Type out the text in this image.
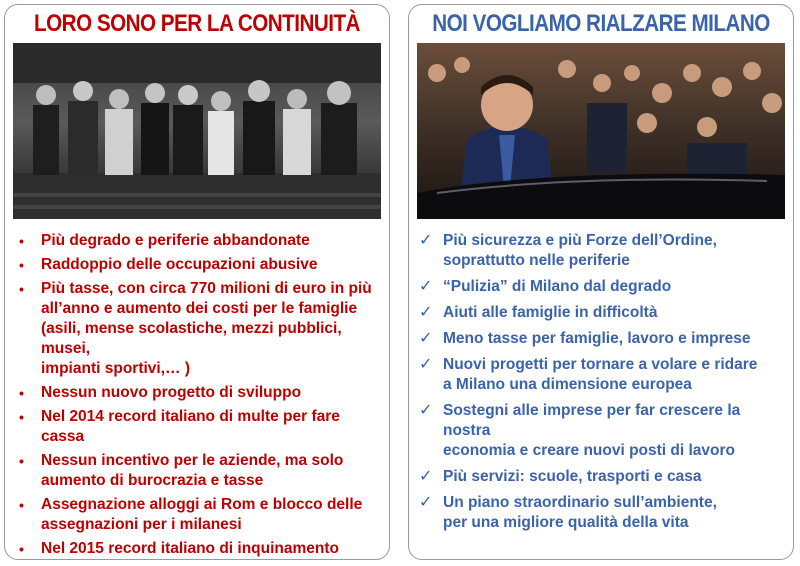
LORO SONO PER LA CONTINUITÀ
• Più degrado e periferie abbandonate
• Raddoppio delle occupazioni abusive
• Più tasse, con circa 770 milioni di euro in più
all’anno e aumento dei costi per le famiglie
(asili, mense scolastiche, mezzi pubblici, musei,
impianti sportivi,… )
• Nessun nuovo progetto di sviluppo
• Nel 2014 record italiano di multe per fare cassa
• Nessun incentivo per le aziende, ma solo
aumento di burocrazia e tasse
• Assegnazione alloggi ai Rom e blocco delle
assegnazioni per i milanesi
• Nel 2015 record italiano di inquinamento
NOI VOGLIAMO RIALZARE MILANO
✓ Più sicurezza e più Forze dell’Ordine,
soprattutto nelle periferie
✓ “Pulizia” di Milano dal degrado
✓ Aiuti alle famiglie in difficoltà
✓ Meno tasse per famiglie, lavoro e imprese
✓ Nuovi progetti per tornare a volare e ridare
a Milano una dimensione europea
✓ Sostegni alle imprese per far crescere la nostra
economia e creare nuovi posti di lavoro
✓ Più servizi: scuole, trasporti e casa
✓ Un piano straordinario sull’ambiente,
per una migliore qualità della vita
